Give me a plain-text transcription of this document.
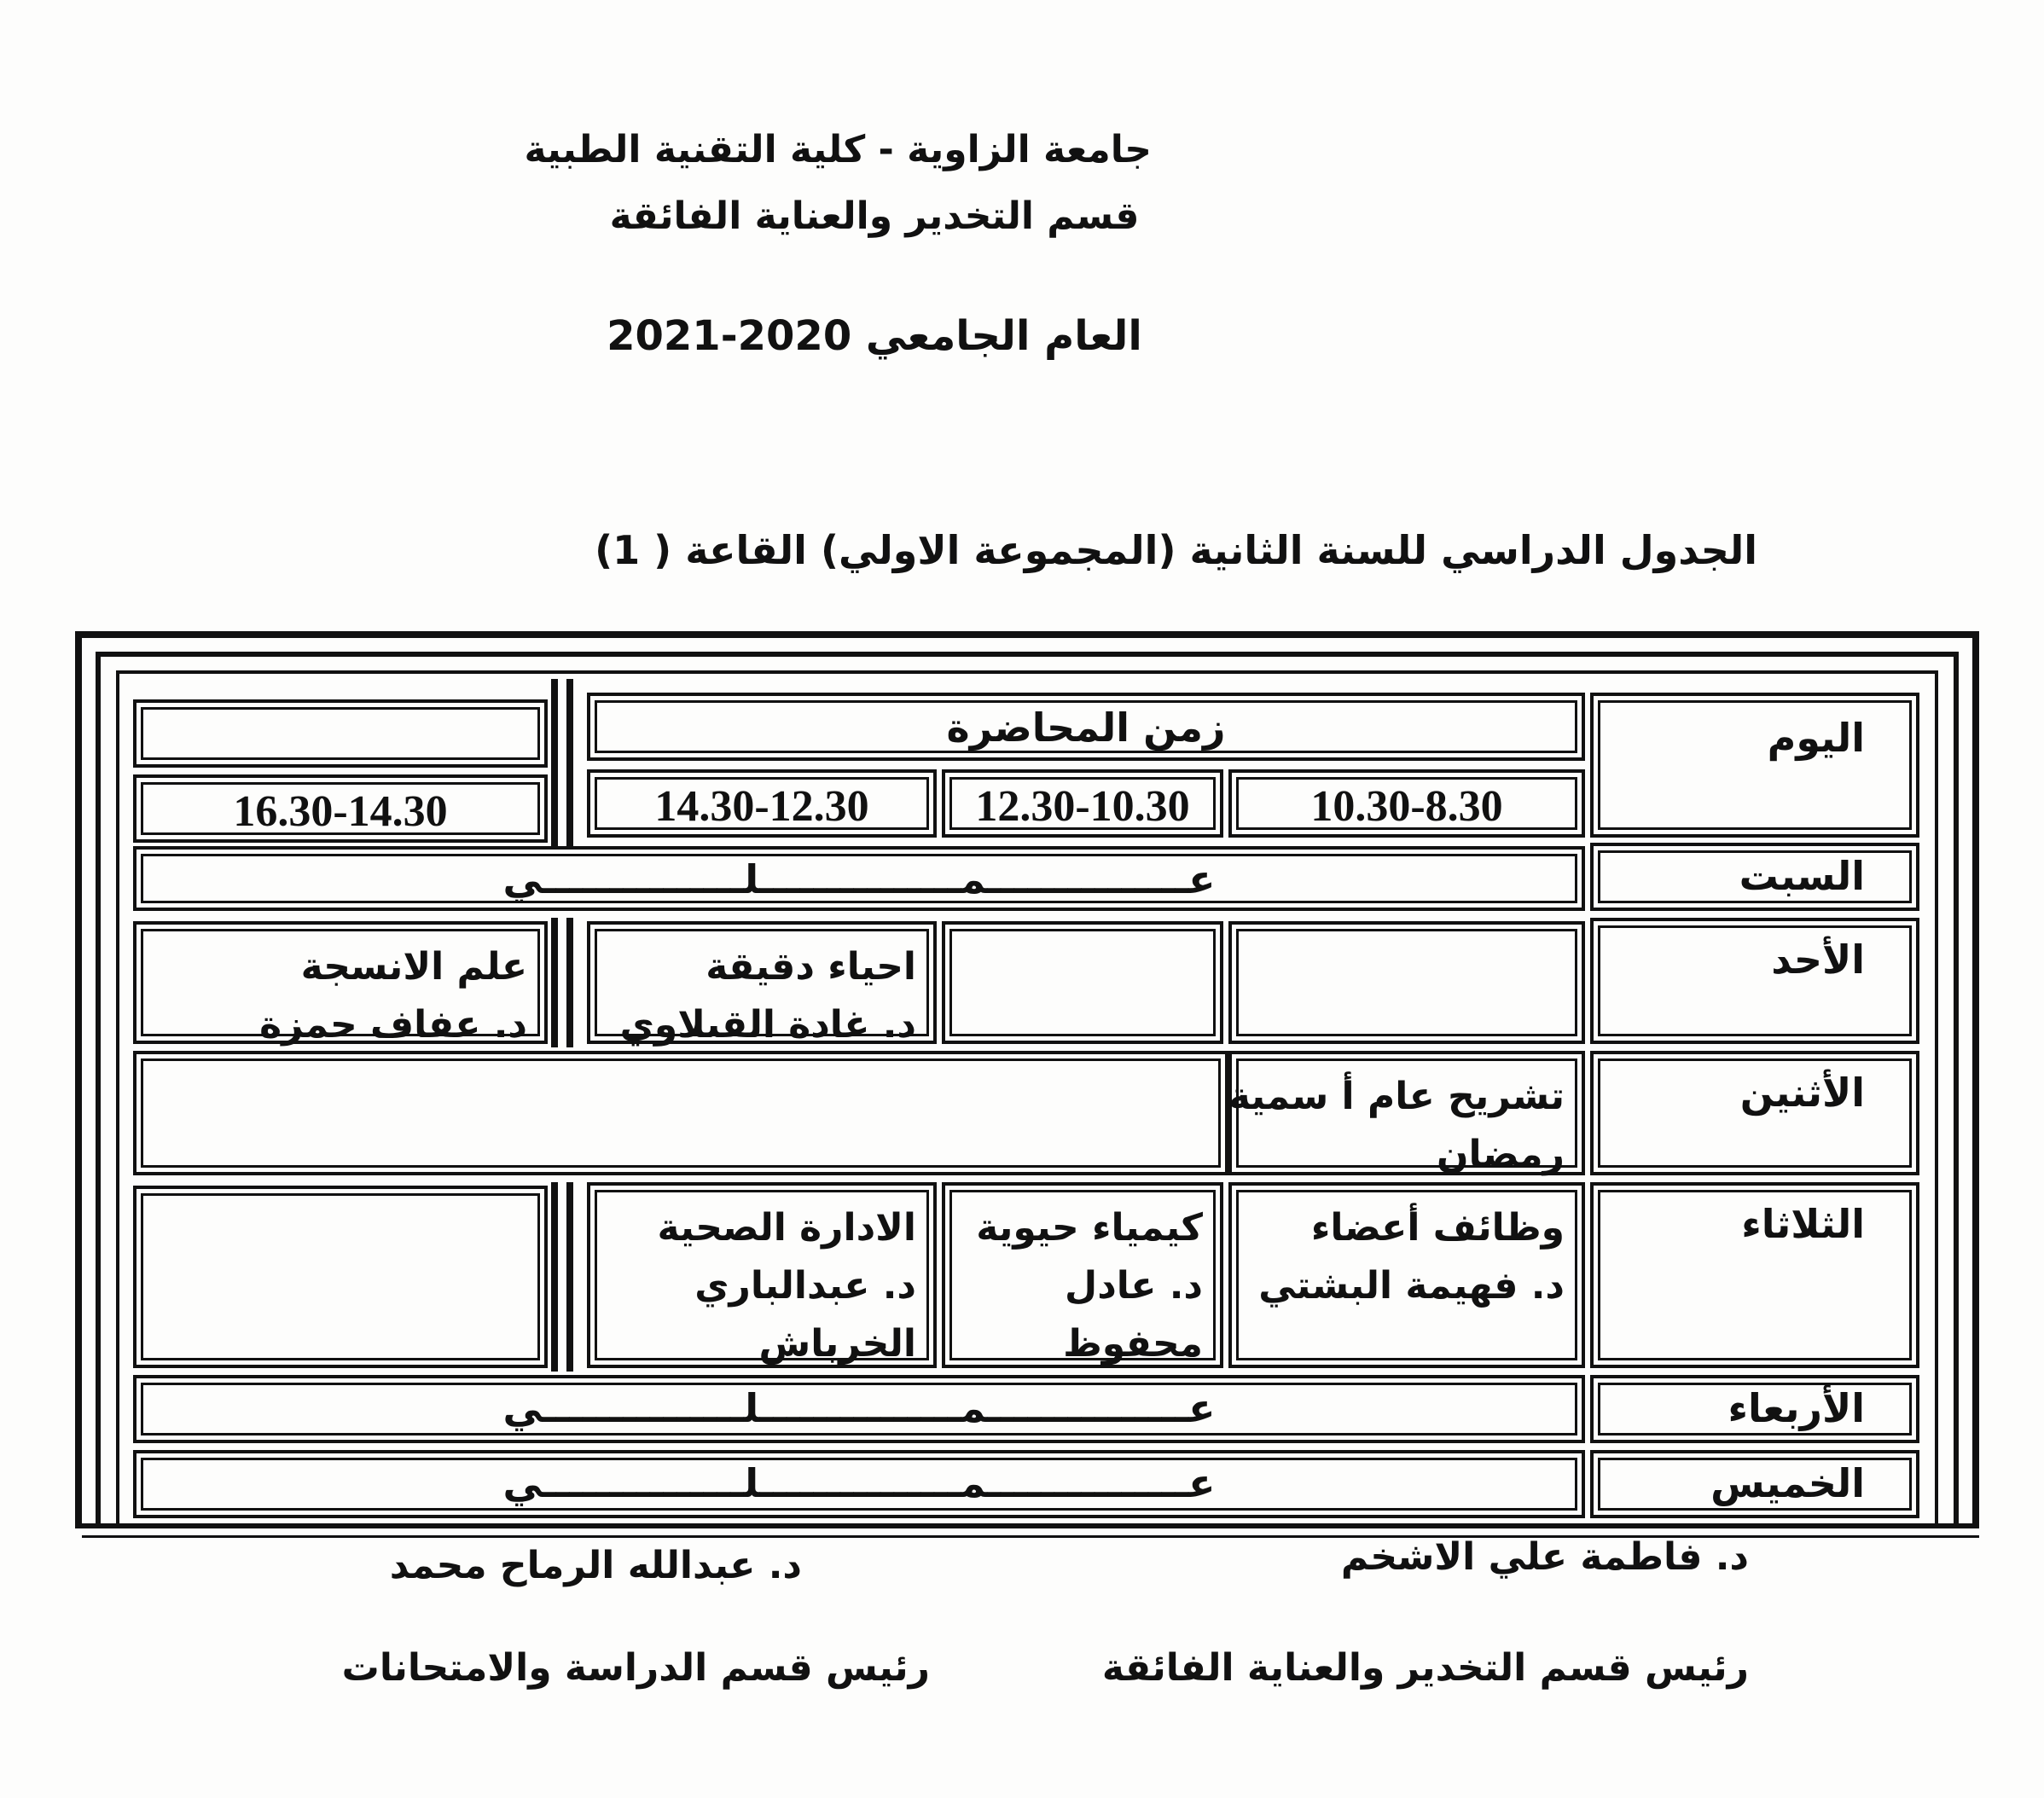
جامعة الزاوية - كلية التقنية الطبية
قسم التخدير والعناية الفائقة
العام الجامعي 2020-2021
الجدول الدراسي للسنة الثانية (المجموعة الاولي) القاعة ( 1)
اليوم
زمن المحاضرة
10.30-8.30
12.30-10.30
14.30-12.30
16.30-14.30
السبت
عـــــــــــــــمـــــــــــــــلـــــــــــــــي
الأحد
احياء دقيقة
د. غادة القبلاوي
علم الانسجة
د. عفاف حمزة
الأثنين
تشريح عام أ سمية
رمضان
الثلاثاء
وظائف أعضاء
د. فهيمة البشتي
كيمياء حيوية
د. عادل
محفوظ
الادارة الصحية
د. عبدالباري
الخرباش
الأربعاء
عـــــــــــــــمـــــــــــــــلـــــــــــــــي
الخميس
عـــــــــــــــمـــــــــــــــلـــــــــــــــي
د. فاطمة علي الاشخم
د. عبدالله الرماح محمد
رئيس قسم التخدير والعناية الفائقة
رئيس قسم الدراسة والامتحانات
